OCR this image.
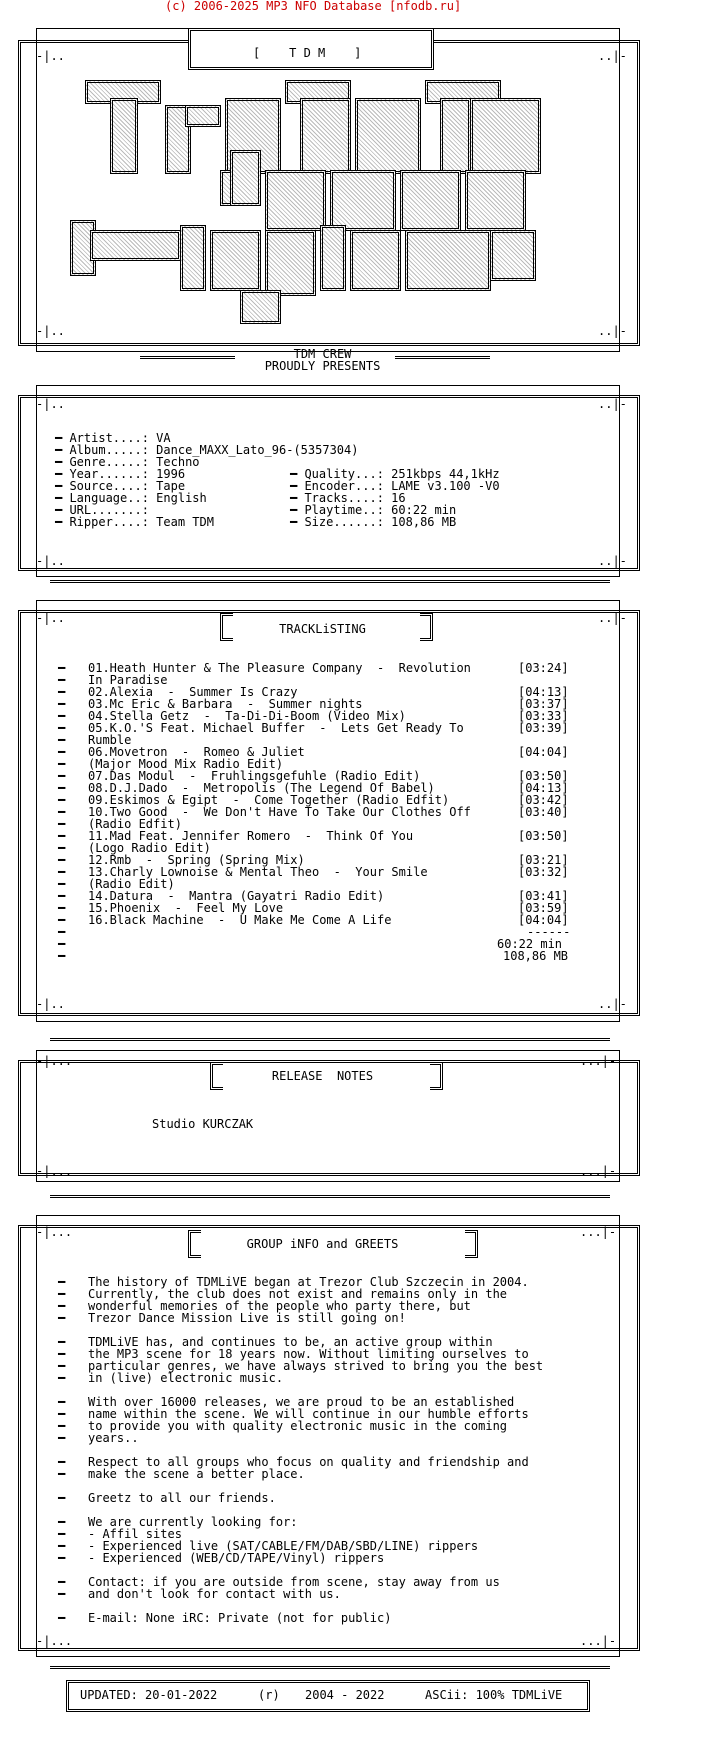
(c) 2006-2025 MP3 NFO Database [nfodb.ru]
[    T D M    ]
-|..	..|-
-|..	..|-
TDM CREW
PROUDLY PRESENTS
-|..	..|-
-|..	..|-
━ Artist....: VA
━ Album.....: Dance_MAXX_Lato_96-(5357304)
━ Genre.....: Techno
━ Year......: 1996
━ Source....: Tape
━ Language..: English
━ URL.......:
━ Ripper....: Team TDM
━ Quality...: 251kbps 44,1kHz
━ Encoder...: LAME v3.100 -V0
━ Tracks....: 16
━ Playtime..: 60:22 min
━ Size......: 108,86 MB
-|..	..|-
-|..	..|-
TRACKLiSTING
━ 01.Heath Hunter & The Pleasure Company  -  Revolution	[03:24]
━ In Paradise
━ 02.Alexia  -  Summer Is Crazy	[04:13]
━ 03.Mc Eric & Barbara  -  Summer nights	[03:37]
━ 04.Stella Getz  -  Ta-Di-Di-Boom (Video Mix)	[03:33]
━ 05.K.O.'S Feat. Michael Buffer  -  Lets Get Ready To	[03:39]
━ Rumble
━ 06.Movetron  -  Romeo & Juliet	[04:04]
━ (Major Mood Mix Radio Edit)
━ 07.Das Modul  -  Fruhlingsgefuhle (Radio Edit)	[03:50]
━ 08.D.J.Dado  -  Metropolis (The Legend Of Babel)	[04:13]
━ 09.Eskimos & Egipt  -  Come Together (Radio Edfit)	[03:42]
━ 10.Two Good  -  We Don't Have To Take Our Clothes Off	[03:40]
━ (Radio Edfit)
━ 11.Mad Feat. Jennifer Romero  -  Think Of You	[03:50]
━ (Logo Radio Edit)
━ 12.Rmb  -  Spring (Spring Mix)	[03:21]
━ 13.Charly Lownoise & Mental Theo  -  Your Smile	[03:32]
━ (Radio Edit)
━ 14.Datura  -  Mantra (Gayatri Radio Edit)	[03:41]
━ 15.Phoenix  -  Feel My Love	[03:59]
━ 16.Black Machine  -  U Make Me Come A Life	[04:04]
━	------
━	60:22 min
━	108,86 MB
-|...	...|-
-|...	...|-
RELEASE  NOTES
Studio KURCZAK
-|...	...|-
-|...	...|-
GROUP iNFO and GREETS
━ The history of TDMLiVE began at Trezor Club Szczecin in 2004.
━ Currently, the club does not exist and remains only in the
━ wonderful memories of the people who party there, but
━ Trezor Dance Mission Live is still going on!
━ TDMLiVE has, and continues to be, an active group within
━ the MP3 scene for 18 years now. Without limiting ourselves to
━ particular genres, we have always strived to bring you the best
━ in (live) electronic music.
━ With over 16000 releases, we are proud to be an established
━ name within the scene. We will continue in our humble efforts
━ to provide you with quality electronic music in the coming
━ years..
━ Respect to all groups who focus on quality and friendship and
━ make the scene a better place.
━ Greetz to all our friends.
━ We are currently looking for:
━ - Affil sites
━ - Experienced live (SAT/CABLE/FM/DAB/SBD/LINE) rippers
━ - Experienced (WEB/CD/TAPE/Vinyl) rippers
━ Contact: if you are outside from scene, stay away from us
━ and don't look for contact with us.
━ E-mail: None iRC: Private (not for public)
UPDATED: 20-01-2022	(r) 2004 - 2022	ASCii: 100% TDMLiVE
